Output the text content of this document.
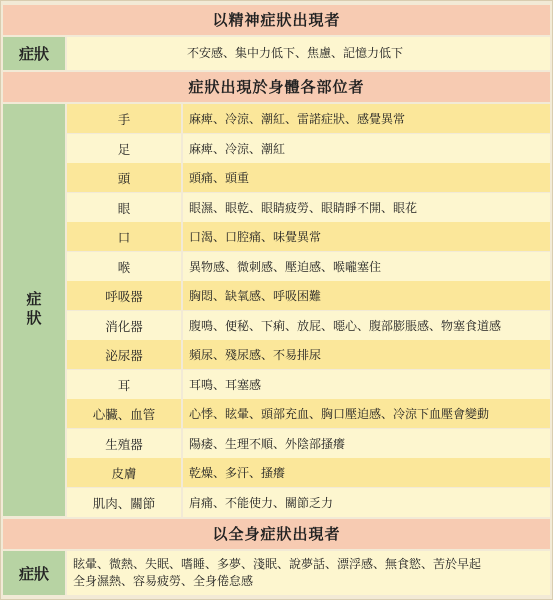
以精神症狀出現者
症狀	不安感、集中力低下、焦慮、記憶力低下
症狀出現於身體各部位者
症狀
手	麻痺、冷涼、潮紅、雷諾症狀、感覺異常
足	麻痺、冷涼、潮紅
頭	頭痛、頭重
眼	眼濕、眼乾、眼睛疲勞、眼睛睜不開、眼花
口	口渴、口腔痛、味覺異常
喉	異物感、微刺感、壓迫感、喉嚨塞住
呼吸器	胸悶、缺氧感、呼吸困難
消化器	腹鳴、便秘、下痢、放屁、噁心、腹部膨脹感、物塞食道感
泌尿器	頻尿、殘尿感、不易排尿
耳	耳鳴、耳塞感
心臟、血管	心悸、眩暈、頭部充血、胸口壓迫感、冷涼下血壓會變動
生殖器	陽痿、生理不順、外陰部搔癢
皮膚	乾燥、多汗、搔癢
肌肉、關節	肩痛、不能使力、關節乏力
以全身症狀出現者
症狀
眩暈、微熱、失眠、嗜睡、多夢、淺眠、說夢話、漂浮感、無食慾、苦於早起
全身濕熱、容易疲勞、全身倦怠感
